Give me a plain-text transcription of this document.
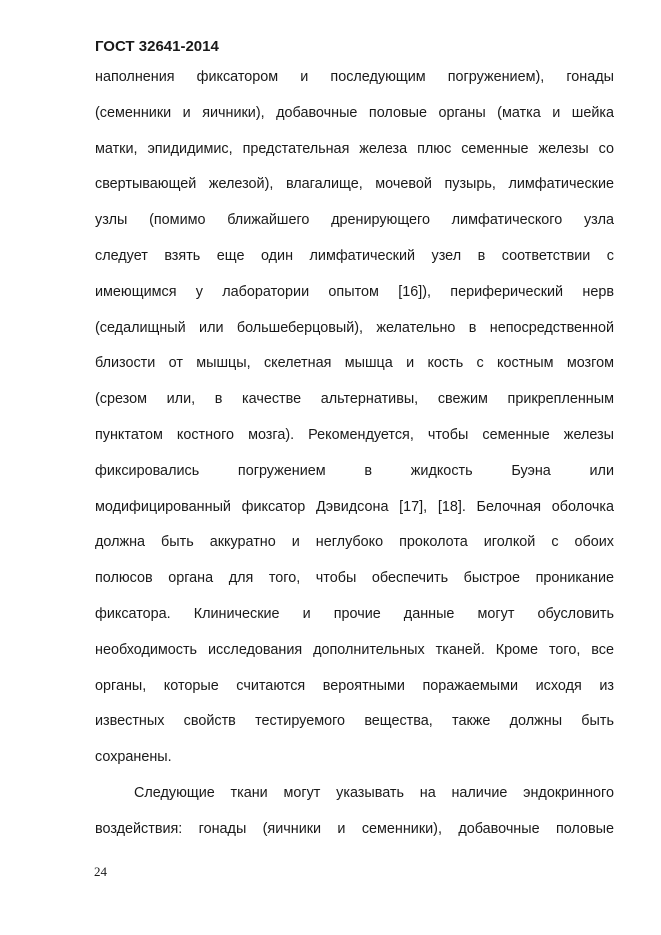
ГОСТ 32641-2014
наполнения фиксатором и последующим погружением), гонады
(семенники и яичники), добавочные половые органы (матка и шейка
матки, эпидидимис, предстательная железа плюс семенные железы со
свертывающей железой), влагалище, мочевой пузырь, лимфатические
узлы (помимо ближайшего дренирующего лимфатического узла
следует взять еще один лимфатический узел в соответствии с
имеющимся у лаборатории опытом [16]), периферический нерв
(седалищный или большеберцовый), желательно в непосредственной
близости от мышцы, скелетная мышца и кость с костным мозгом
(срезом или, в качестве альтернативы, свежим прикрепленным
пунктатом костного мозга). Рекомендуется, чтобы семенные железы
фиксировались погружением в жидкость Буэна или
модифицированный фиксатор Дэвидсона [17], [18]. Белочная оболочка
должна быть аккуратно и неглубоко проколота иголкой с обоих
полюсов органа для того, чтобы обеспечить быстрое проникание
фиксатора. Клинические и прочие данные могут обусловить
необходимость исследования дополнительных тканей. Кроме того, все
органы, которые считаются вероятными поражаемыми исходя из
известных свойств тестируемого вещества, также должны быть
сохранены.
Следующие ткани могут указывать на наличие эндокринного
воздействия: гонады (яичники и семенники), добавочные половые
24
